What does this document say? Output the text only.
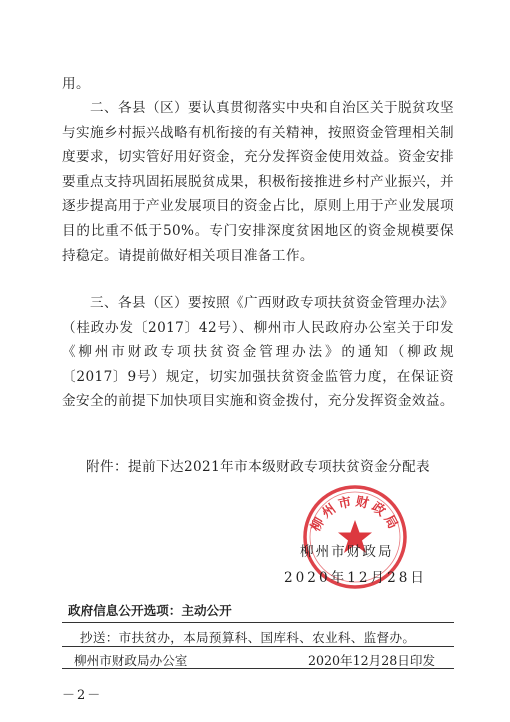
用。
二、各县（区）要认真贯彻落实中央和自治区关于脱贫攻坚与实施乡村振兴战略有机衔接的有关精神，按照资金管理相关制度要求，切实管好用好资金，充分发挥资金使用效益。资金安排要重点支持巩固拓展脱贫成果，积极衔接推进乡村产业振兴，并逐步提高用于产业发展项目的资金占比，原则上用于产业发展项目的比重不低于50%。专门安排深度贫困地区的资金规模要保持稳定。请提前做好相关项目准备工作。
三、各县（区）要按照《广西财政专项扶贫资金管理办法》（桂政办发〔2017〕42号）、柳州市人民政府办公室关于印发《柳州市财政专项扶贫资金管理办法》的通知（柳政规〔2017〕9号）规定，切实加强扶贫资金监管力度，在保证资金安全的前提下加快项目实施和资金拨付，充分发挥资金效益。
附件：提前下达2021年市本级财政专项扶贫资金分配表
柳州市财政局
柳州市财政局
2020年12月28日
政府信息公开选项：主动公开
抄送：市扶贫办，本局预算科、国库科、农业科、监督办。
柳州市财政局办公室	2020年12月28日印发
－2－
